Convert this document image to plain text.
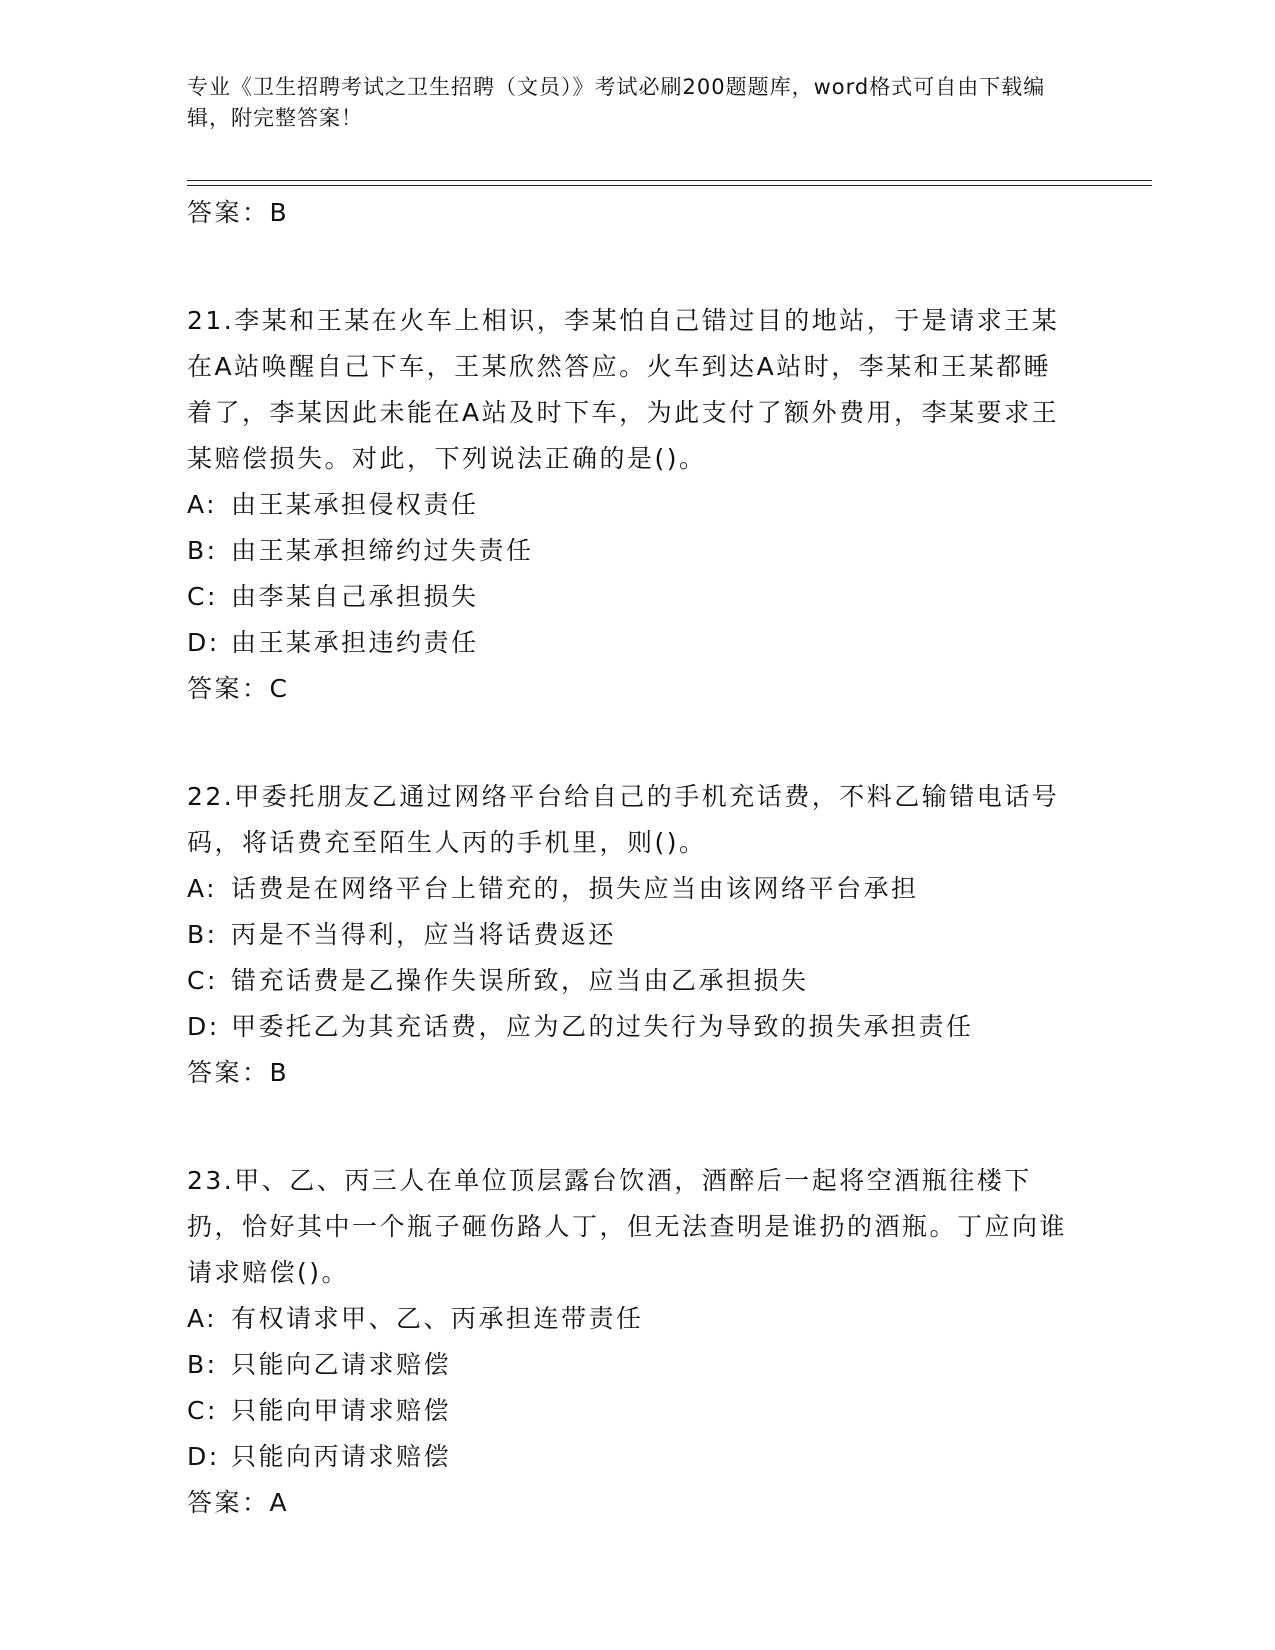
专业《卫生招聘考试之卫生招聘（文员）》考试必刷200题题库，word格式可自由下载编辑，附完整答案！
答案：B
21.李某和王某在火车上相识，李某怕自己错过目的地站，于是请求王某在A站唤醒自己下车，王某欣然答应。火车到达A站时，李某和王某都睡着了，李某因此未能在A站及时下车，为此支付了额外费用，李某要求王某赔偿损失。对此，下列说法正确的是()。
A: 由王某承担侵权责任
B: 由王某承担缔约过失责任
C: 由李某自己承担损失
D: 由王某承担违约责任
答案：C
22.甲委托朋友乙通过网络平台给自己的手机充话费，不料乙输错电话号码，将话费充至陌生人丙的手机里，则()。
A: 话费是在网络平台上错充的，损失应当由该网络平台承担
B: 丙是不当得利，应当将话费返还
C: 错充话费是乙操作失误所致，应当由乙承担损失
D: 甲委托乙为其充话费，应为乙的过失行为导致的损失承担责任
答案：B
23.甲、乙、丙三人在单位顶层露台饮酒，酒醉后一起将空酒瓶往楼下扔，恰好其中一个瓶子砸伤路人丁，但无法查明是谁扔的酒瓶。丁应向谁请求赔偿()。
A: 有权请求甲、乙、丙承担连带责任
B: 只能向乙请求赔偿
C: 只能向甲请求赔偿
D: 只能向丙请求赔偿
答案：A
